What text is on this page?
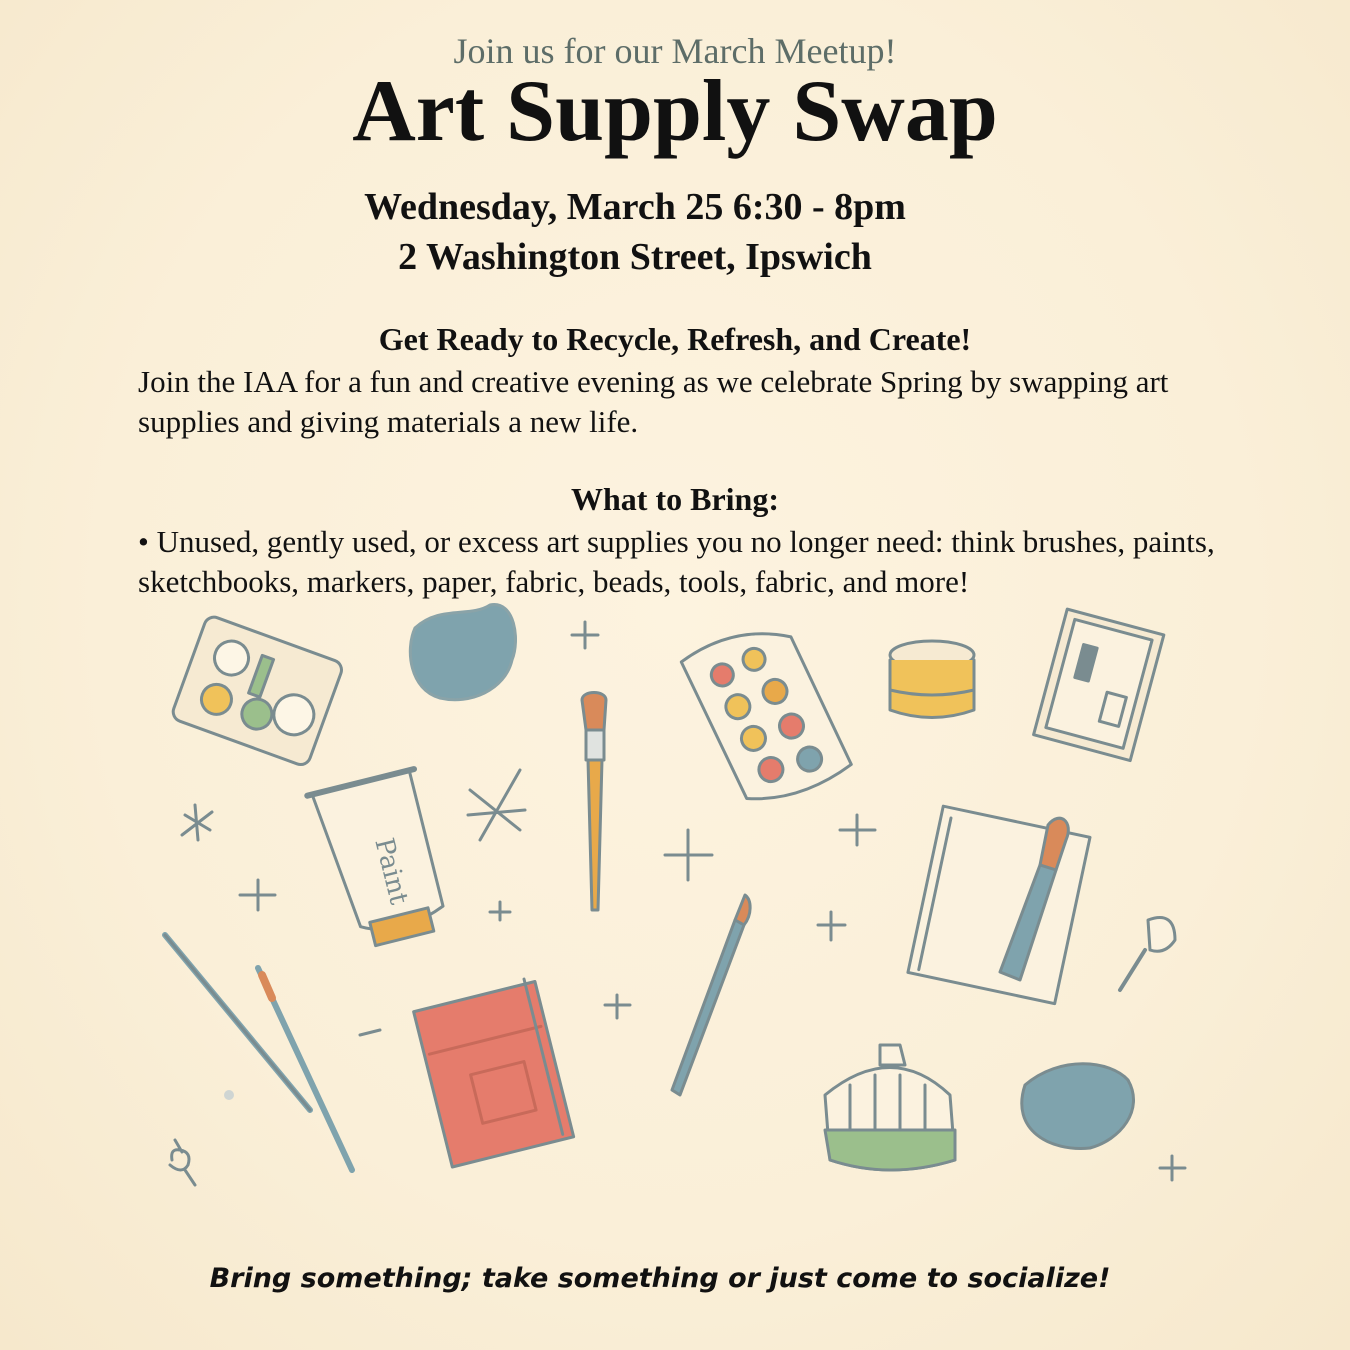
Paint
Join us for our March Meetup!
Art Supply Swap
Wednesday, March 25 6:30 - 8pm
2 Washington Street, Ipswich
Get Ready to Recycle, Refresh, and Create!
Join the IAA for a fun and creative evening as we celebrate Spring by swapping art supplies and giving materials a new life.
What to Bring:
• Unused, gently used, or excess art supplies you no longer need: think brushes, paints, sketchbooks, markers, paper, fabric, beads, tools, fabric, and more!
Bring something; take something or just come to socialize!
